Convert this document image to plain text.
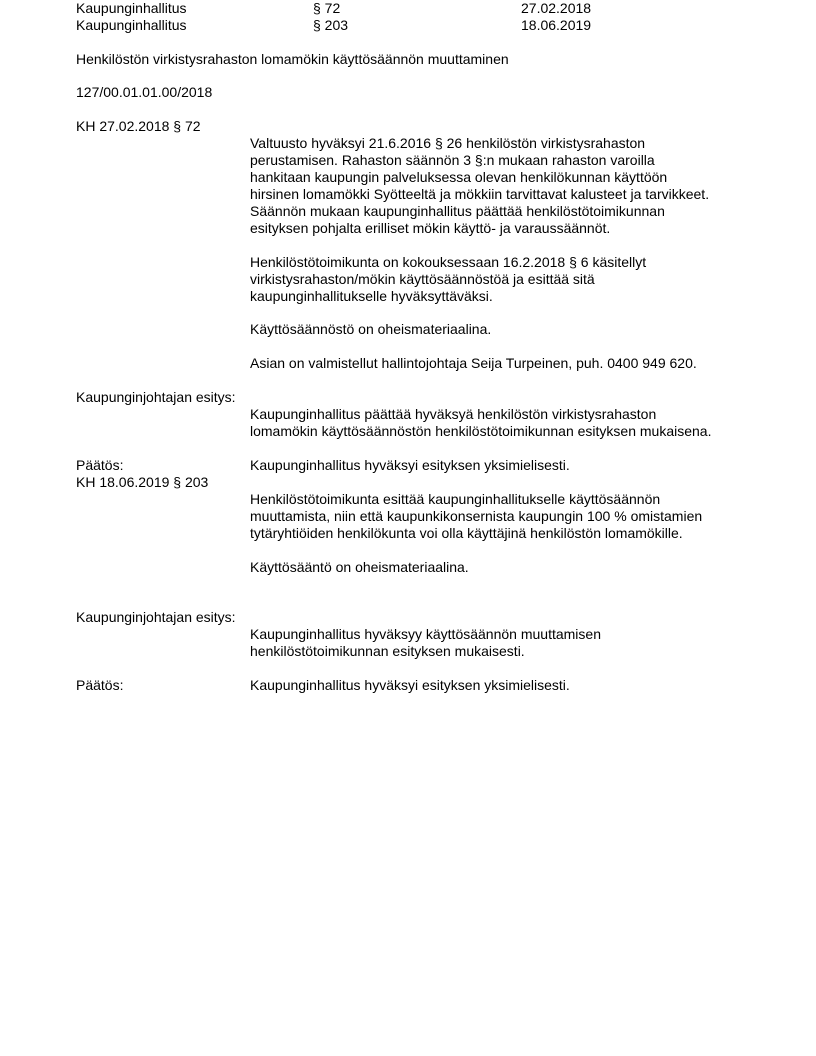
Kaupunginhallitus	§ 72	27.02.2018
Kaupunginhallitus	§ 203	18.06.2019
Henkilöstön virkistysrahaston lomamökin käyttösäännön muuttaminen
127/00.01.01.00/2018
KH 27.02.2018 § 72
Valtuusto hyväksyi 21.6.2016 § 26 henkilöstön virkistysrahaston
perustamisen. Rahaston säännön 3 §:n mukaan rahaston varoilla
hankitaan kaupungin palveluksessa olevan henkilökunnan käyttöön
hirsinen lomamökki Syötteeltä ja mökkiin tarvittavat kalusteet ja tarvikkeet.
Säännön mukaan kaupunginhallitus päättää henkilöstötoimikunnan
esityksen pohjalta erilliset mökin käyttö- ja varaussäännöt.
Henkilöstötoimikunta on kokouksessaan 16.2.2018 § 6 käsitellyt
virkistysrahaston/mökin käyttösäännöstöä ja esittää sitä
kaupunginhallitukselle hyväksyttäväksi.
Käyttösäännöstö on oheismateriaalina.
Asian on valmistellut hallintojohtaja Seija Turpeinen, puh. 0400 949 620.
Kaupunginjohtajan esitys:
Kaupunginhallitus päättää hyväksyä henkilöstön virkistysrahaston
lomamökin käyttösäännöstön henkilöstötoimikunnan esityksen mukaisena.
Päätös:	Kaupunginhallitus hyväksyi esityksen yksimielisesti.
KH 18.06.2019 § 203
Henkilöstötoimikunta esittää kaupunginhallitukselle käyttösäännön
muuttamista, niin että kaupunkikonsernista kaupungin 100 % omistamien
tytäryhtiöiden henkilökunta voi olla käyttäjinä henkilöstön lomamökille.
Käyttösääntö on oheismateriaalina.
Kaupunginjohtajan esitys:
Kaupunginhallitus hyväksyy käyttösäännön muuttamisen
henkilöstötoimikunnan esityksen mukaisesti.
Päätös:	Kaupunginhallitus hyväksyi esityksen yksimielisesti.
